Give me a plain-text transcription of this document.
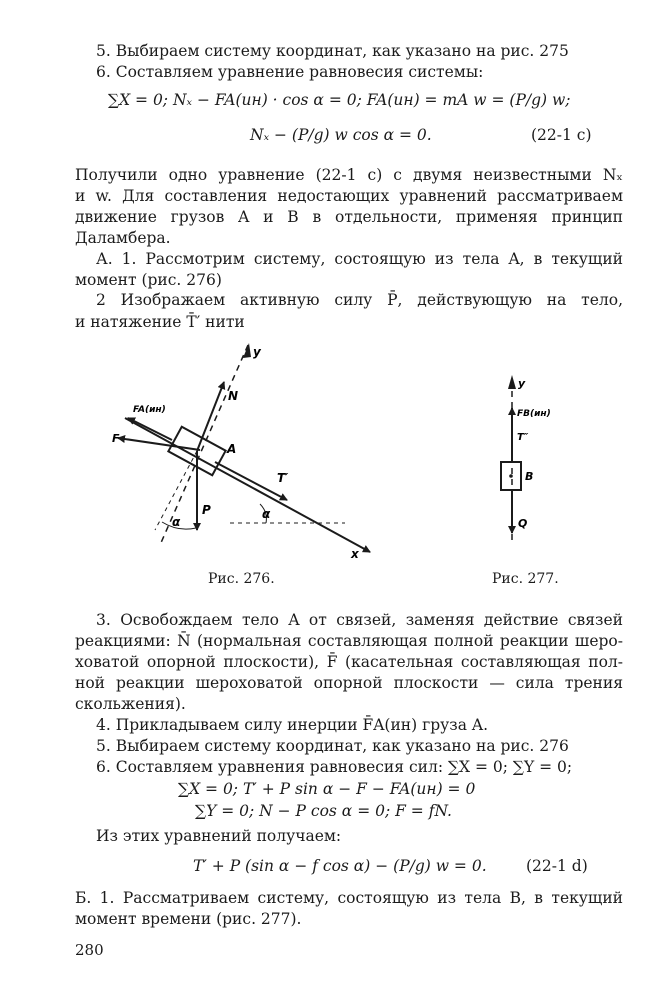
5. Выбираем систему координат, как указано на рис. 275
6. Составляем уравнение равновесия системы:
∑X = 0; Nₓ − FA(ин) · cos α = 0; FA(ин) = mA w = (P/g) w;
Nₓ − (P/g) w cos α = 0.	(22-1 c)
Получили одно уравнение (22-1 c) с двумя неизвестными Nₓ
и w. Для составления недостающих уравнений рассматриваем
движение грузов A и B в отдельности, применяя принцип
Даламбера.
А. 1. Рассмотрим систему, состоящую из тела A, в текущий
момент (рис. 276)
2 Изображаем активную силу P̄, действующую на тело,
и натяжение T̄′ нити
y
N
FA(ин)
F
A
T′
P
α
α
x
y
FB(ин)
T″
B
Q
Рис. 276.	Рис. 277.
3. Освобождаем тело A от связей, заменяя действие связей
реакциями: N̄ (нормальная составляющая полной реакции шеро-
ховатой опорной плоскости), F̄ (касательная составляющая пол-
ной реакции шероховатой опорной плоскости — сила трения
скольжения).
4. Прикладываем силу инерции F̄A(ин) груза A.
5. Выбираем систему координат, как указано на рис. 276
6. Составляем уравнения равновесия сил: ∑X = 0; ∑Y = 0;
∑X = 0; T′ + P sin α − F − FA(ин) = 0
∑Y = 0; N − P cos α = 0; F = fN.
Из этих уравнений получаем:
T′ + P (sin α − f cos α) − (P/g) w = 0.	(22-1 d)
Б. 1. Рассматриваем систему, состоящую из тела B, в текущий
момент времени (рис. 277).
280
